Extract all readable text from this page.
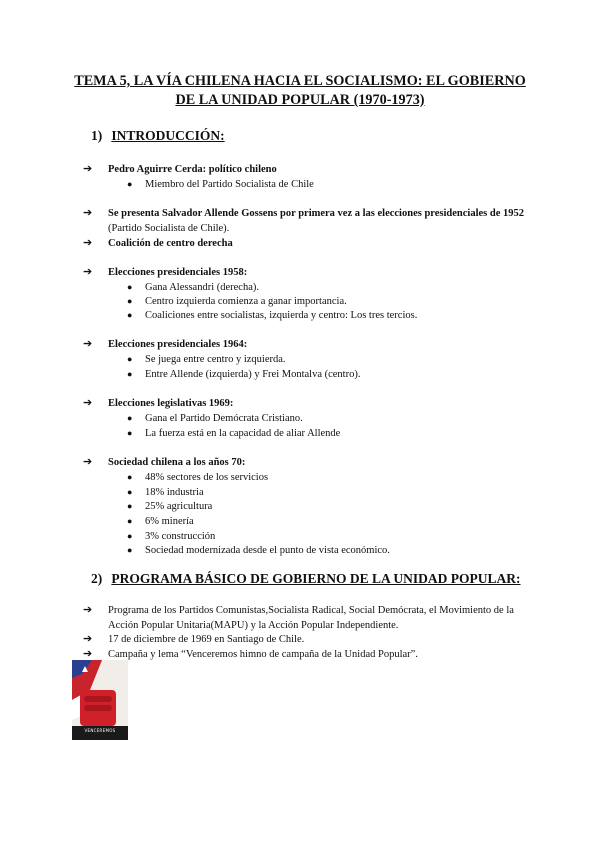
TEMA 5, LA VÍA CHILENA HACIA EL SOCIALISMO: EL GOBIERNO
DE LA UNIDAD POPULAR (1970-1973)
1) INTRODUCCIÓN:
➔ Pedro Aguirre Cerda: político chileno
● Miembro del Partido Socialista de Chile
➔ Se presenta Salvador Allende Gossens por primera vez a las elecciones presidenciales de 1952 (Partido Socialista de Chile).
➔ Coalición de centro derecha
➔ Elecciones presidenciales 1958:
● Gana Alessandri (derecha).
● Centro izquierda comienza a ganar importancia.
● Coaliciones entre socialistas, izquierda y centro: Los tres tercios.
➔ Elecciones presidenciales 1964:
● Se juega entre centro y izquierda.
● Entre Allende (izquierda) y Frei Montalva (centro).
➔ Elecciones legislativas 1969:
● Gana el Partido Demócrata Cristiano.
● La fuerza está en la capacidad de aliar Allende
➔ Sociedad chilena a los años 70:
● 48% sectores de los servicios
● 18% industria
● 25% agricultura
● 6% minería
● 3% construcción
● Sociedad modernizada desde el punto de vista económico.
2) PROGRAMA BÁSICO DE GOBIERNO DE LA UNIDAD POPULAR:
➔ Programa de los Partidos Comunistas,Socialista Radical, Social Demócrata, el Movimiento de la Acción Popular Unitaria(MAPU) y la Acción Popular Independiente.
➔ 17 de diciembre de 1969 en Santiago de Chile.
➔ Campaña y lema “Venceremos himno de campaña de la Unidad Popular”.
VENCEREMOS
